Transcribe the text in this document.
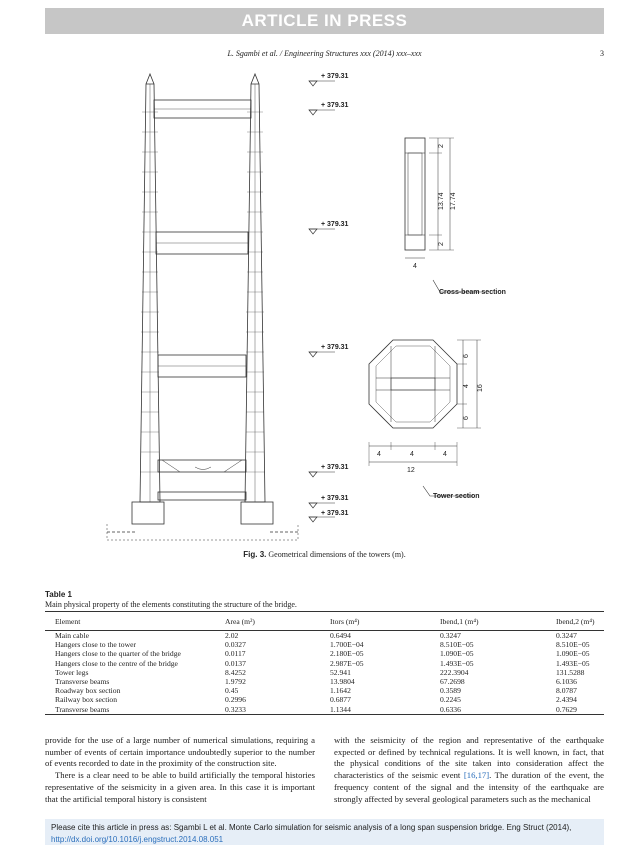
ARTICLE IN PRESS
L. Sgambi et al. / Engineering Structures xxx (2014) xxx–xxx	3
+ 379.31
+ 379.31
+ 379.31
+ 379.31
+ 379.31
+ 379.31
+ 379.31
2
13.74 17.74
2
4
Cross-beam section
6
4
6
16
4	4	4
12
Tower section
Fig. 3. Geometrical dimensions of the towers (m).
Table 1
Main physical property of the elements constituting the structure of the bridge.
Element	Area (m²)	Itors (m⁴)	Ibend,1 (m⁴)	Ibend,2 (m⁴)
Main cable	2.02	0.6494	0.3247	0.3247
Hangers close to the tower	0.0327	1.700E−04	8.510E−05	8.510E−05
Hangers close to the quarter of the bridge	0.0117	2.180E−05	1.090E−05	1.090E−05
Hangers close to the centre of the bridge	0.0137	2.987E−05	1.493E−05	1.493E−05
Tower legs	8.4252	52.941	222.3904	131.5288
Transverse beams	1.9792	13.9804	67.2698	6.1036
Roadway box section	0.45	1.1642	0.3589	8.0787
Railway box section	0.2996	0.6877	0.2245	2.4394
Transverse beams	0.3233	1.1344	0.6336	0.7629

provide for the use of a large number of numerical simulations, requiring a number of events of certain importance undoubtedly superior to the number of events recorded to date in the proximity of the construction site.

There is a clear need to be able to build artificially the temporal histories representative of the seismicity in a given area. In this case it is important that the artificial temporal history is consistent

with the seismicity of the region and representative of the earthquake expected or defined by technical regulations. It is well known, in fact, that the physical conditions of the site taken into consideration affect the characteristics of the seismic event [16,17]. The duration of the event, the frequency content of the signal and the intensity of the earthquake are strongly affected by several geological parameters such as the mechanical

Please cite this article in press as: Sgambi L et al. Monte Carlo simulation for seismic analysis of a long span suspension bridge. Eng Struct (2014), http://dx.doi.org/10.1016/j.engstruct.2014.08.051
